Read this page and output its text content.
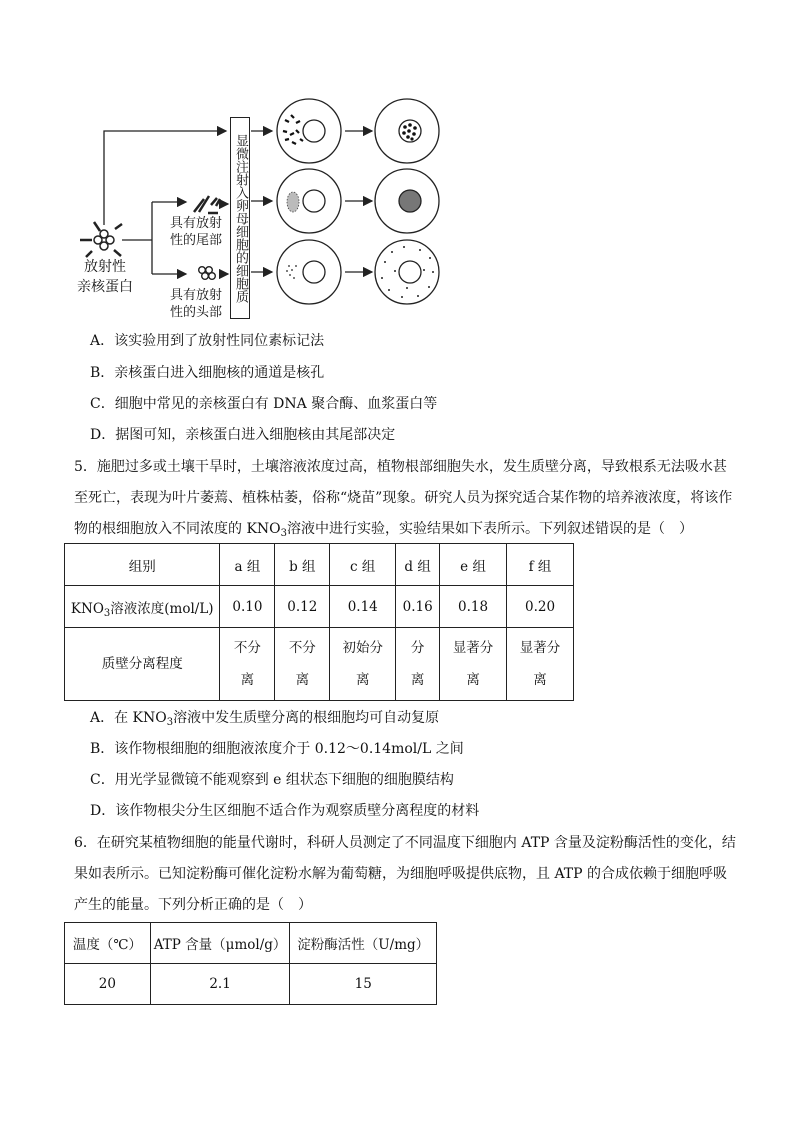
显微注射入卵母细胞的细胞质
放射性
亲核蛋白
具有放射
性的尾部
具有放射
性的头部
A．该实验用到了放射性同位素标记法
B．亲核蛋白进入细胞核的通道是核孔
C．细胞中常见的亲核蛋白有 DNA 聚合酶、血浆蛋白等
D．据图可知，亲核蛋白进入细胞核由其尾部决定
5．施肥过多或土壤干旱时，土壤溶液浓度过高，植物根部细胞失水，发生质壁分离，导致根系无法吸水甚
至死亡，表现为叶片萎蔫、植株枯萎，俗称“烧苗”现象。研究人员为探究适合某作物的培养液浓度，将该作
物的根细胞放入不同浓度的 $KNO_3$溶液中进行实验，实验结果如下表所示。下列叙述错误的是（　）
组别	a 组	b 组	c 组	d 组	e 组	f 组
$KNO_3$溶液浓度(mol/L)	0.10	0.12	0.14	0.16	0.18	0.20
质壁分离程度	不分离	不分离	初始分离	分离	显著分离	显著分离
A．在 $KNO_3$溶液中发生质壁分离的根细胞均可自动复原
B．该作物根细胞的细胞液浓度介于 0.12～0.14mol/L 之间
C．用光学显微镜不能观察到 e 组状态下细胞的细胞膜结构
D．该作物根尖分生区细胞不适合作为观察质壁分离程度的材料
6．在研究某植物细胞的能量代谢时，科研人员测定了不同温度下细胞内 ATP 含量及淀粉酶活性的变化，结
果如表所示。已知淀粉酶可催化淀粉水解为葡萄糖，为细胞呼吸提供底物，且 ATP 的合成依赖于细胞呼吸
产生的能量。下列分析正确的是（　）
温度（℃）	ATP 含量（μmol/g）	淀粉酶活性（U/mg）
20	2.1	15
